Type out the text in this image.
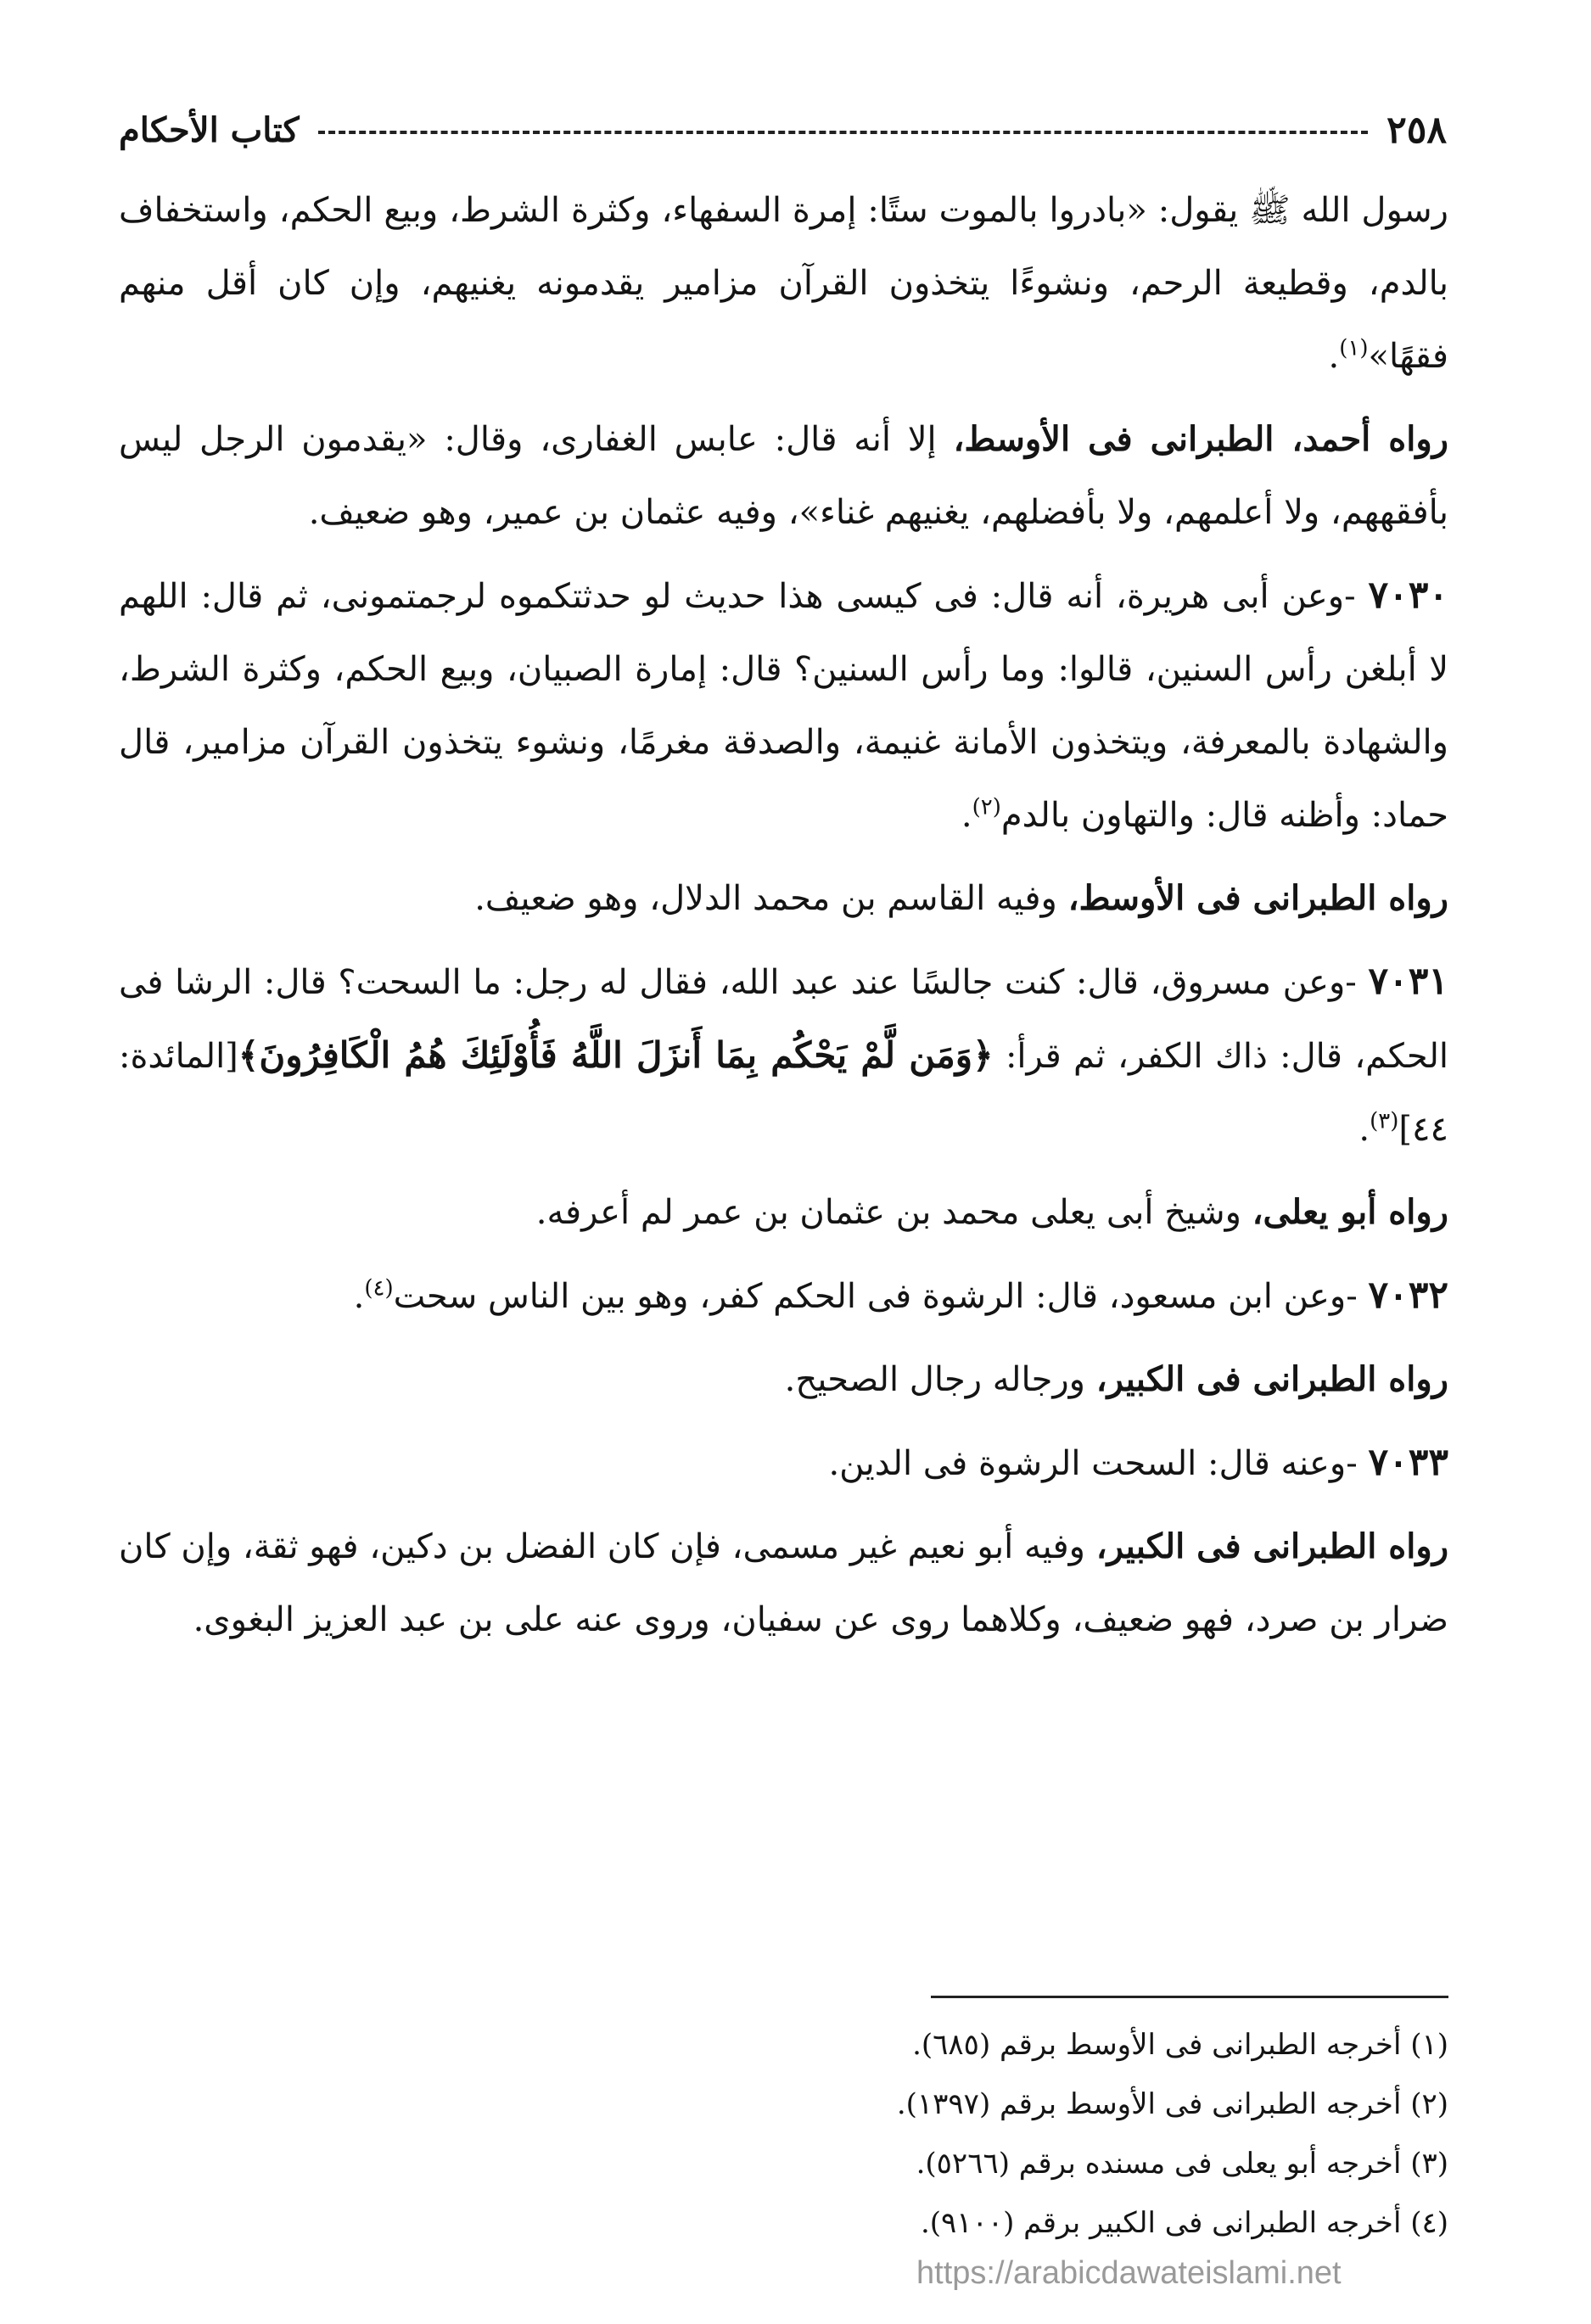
٢٥٨
كتاب الأحكام

رسول الله ﷺ يقول: «بادروا بالموت ستًا: إمرة السفهاء، وكثرة الشرط، وبيع الحكم، واستخفاف بالدم، وقطيعة الرحم، ونشوءًا يتخذون القرآن مزامير يقدمونه يغنيهم، وإن كان أقل منهم فقهًا»$^{(١)}$.

رواه أحمد، الطبرانى فى الأوسط، إلا أنه قال: عابس الغفارى، وقال: «يقدمون الرجل ليس بأفقههم، ولا أعلمهم، ولا بأفضلهم، يغنيهم غناء»، وفيه عثمان بن عمير، وهو ضعيف.

٧٠٣٠ -وعن أبى هريرة، أنه قال: فى كيسى هذا حديث لو حدثتكموه لرجمتمونى، ثم قال: اللهم لا أبلغن رأس السنين، قالوا: وما رأس السنين؟ قال: إمارة الصبيان، وبيع الحكم، وكثرة الشرط، والشهادة بالمعرفة، ويتخذون الأمانة غنيمة، والصدقة مغرمًا، ونشوء يتخذون القرآن مزامير، قال حماد: وأظنه قال: والتهاون بالدم$^{(٢)}$.

رواه الطبرانى فى الأوسط، وفيه القاسم بن محمد الدلال، وهو ضعيف.

٧٠٣١ -وعن مسروق، قال: كنت جالسًا عند عبد الله، فقال له رجل: ما السحت؟ قال: الرشا فى الحكم، قال: ذاك الكفر، ثم قرأ: ﴿وَمَن لَّمْ يَحْكُم بِمَا أَنزَلَ اللَّهُ فَأُوْلَئِكَ هُمُ الْكَافِرُونَ﴾[المائدة: ٤٤]$^{(٣)}$.

رواه أبو يعلى، وشيخ أبى يعلى محمد بن عثمان بن عمر لم أعرفه.

٧٠٣٢ -وعن ابن مسعود، قال: الرشوة فى الحكم كفر، وهو بين الناس سحت$^{(٤)}$.

رواه الطبرانى فى الكبير، ورجاله رجال الصحيح.

٧٠٣٣ -وعنه قال: السحت الرشوة فى الدين.

رواه الطبرانى فى الكبير، وفيه أبو نعيم غير مسمى، فإن كان الفضل بن دكين، فهو ثقة، وإن كان ضرار بن صرد، فهو ضعيف، وكلاهما روى عن سفيان، وروى عنه على بن عبد العزيز البغوى.

(١) أخرجه الطبرانى فى الأوسط برقم (٦٨٥).
(٢) أخرجه الطبرانى فى الأوسط برقم (١٣٩٧).
(٣) أخرجه أبو يعلى فى مسنده برقم (٥٢٦٦).
(٤) أخرجه الطبرانى فى الكبير برقم (٩١٠٠).
https://arabicdawateislami.net
